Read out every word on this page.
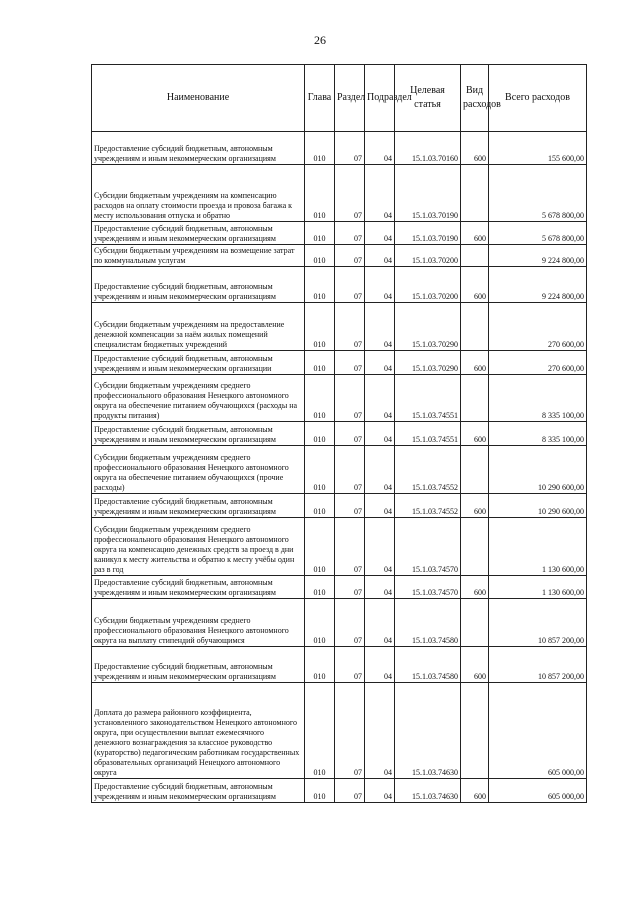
26
Наименование	Глава	Раздел	Подраздел	Целевая статья	Вид расходов	Всего расходов
Предоставление субсидий бюджетным, автономным учреждениям и иным некоммерческим организациям	010	07	04	15.1.03.70160	600	155 600,00
Субсидии бюджетным учреждениям на компенсацию расходов на оплату стоимости проезда и провоза багажа к месту использования отпуска и обратно	010	07	04	15.1.03.70190		5 678 800,00
Предоставление субсидий бюджетным, автономным учреждениям и иным некоммерческим организациям	010	07	04	15.1.03.70190	600	5 678 800,00
Субсидии бюджетным учреждениям на возмещение затрат по коммунальным услугам	010	07	04	15.1.03.70200		9 224 800,00
Предоставление субсидий бюджетным, автономным учреждениям и иным некоммерческим организациям	010	07	04	15.1.03.70200	600	9 224 800,00
Субсидии бюджетным учреждениям на предоставление денежной компенсации за наём жилых помещений специалистам бюджетных учреждений	010	07	04	15.1.03.70290		270 600,00
Предоставление субсидий бюджетным, автономным учреждениям и иным некоммерческим организации	010	07	04	15.1.03.70290	600	270 600,00
Субсидии бюджетным учреждениям среднего профессионального образования Ненецкого автономного округа на обеспечение питанием обучающихся (расходы на продукты питания)	010	07	04	15.1.03.74551		8 335 100,00
Предоставление субсидий бюджетным, автономным учреждениям и иным некоммерческим организациям	010	07	04	15.1.03.74551	600	8 335 100,00
Субсидии бюджетным учреждениям среднего профессионального образования Ненецкого автономного округа на обеспечение питанием обучающихся (прочие расходы)	010	07	04	15.1.03.74552		10 290 600,00
Предоставление субсидий бюджетным, автономным учреждениям и иным некоммерческим организациям	010	07	04	15.1.03.74552	600	10 290 600,00
Субсидии бюджетным учреждениям среднего профессионального образования Ненецкого автономного округа на компенсацию денежных средств за проезд в дни каникул к месту жительства и обратно к месту учёбы один раз в год	010	07	04	15.1.03.74570		1 130 600,00
Предоставление субсидий бюджетным, автономным учреждениям и иным некоммерческим организациям	010	07	04	15.1.03.74570	600	1 130 600,00
Субсидии бюджетным учреждениям среднего профессионального образования Ненецкого автономного округа на выплату стипендий обучающимся	010	07	04	15.1.03.74580		10 857 200,00
Предоставление субсидий бюджетным, автономным учреждениям и иным некоммерческим организациям	010	07	04	15.1.03.74580	600	10 857 200,00
Доплата до размера районного коэффициента, установленного законодательством Ненецкого автономного округа, при осуществлении выплат ежемесячного денежного вознаграждения за классное руководство (кураторство) педагогическим работникам государственных образовательных организаций Ненецкого автономного округа	010	07	04	15.1.03.74630		605 000,00
Предоставление субсидий бюджетным, автономным учреждениям и иным некоммерческим организациям	010	07	04	15.1.03.74630	600	605 000,00
